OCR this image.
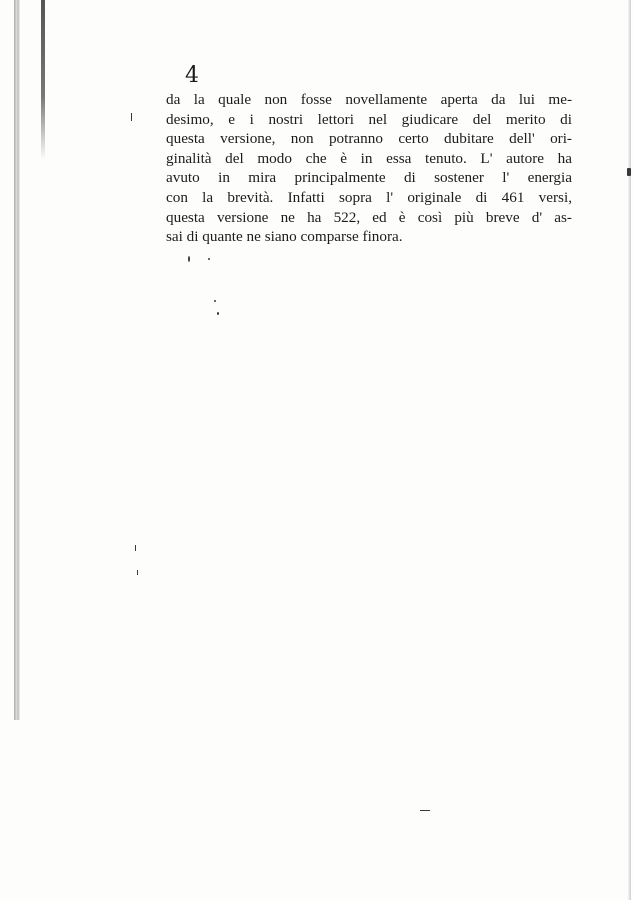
4
da la quale non fosse novellamente aperta da lui me-
desimo, e i nostri lettori nel giudicare del merito di
questa versione, non potranno certo dubitare dell' ori-
ginalità del modo che è in essa tenuto. L' autore ha
avuto in mira principalmente di sostener l' energia
con la brevità. Infatti sopra l' originale di 461 versi,
questa versione ne ha 522, ed è così più breve d' as-
sai di quante ne siano comparse finora.
